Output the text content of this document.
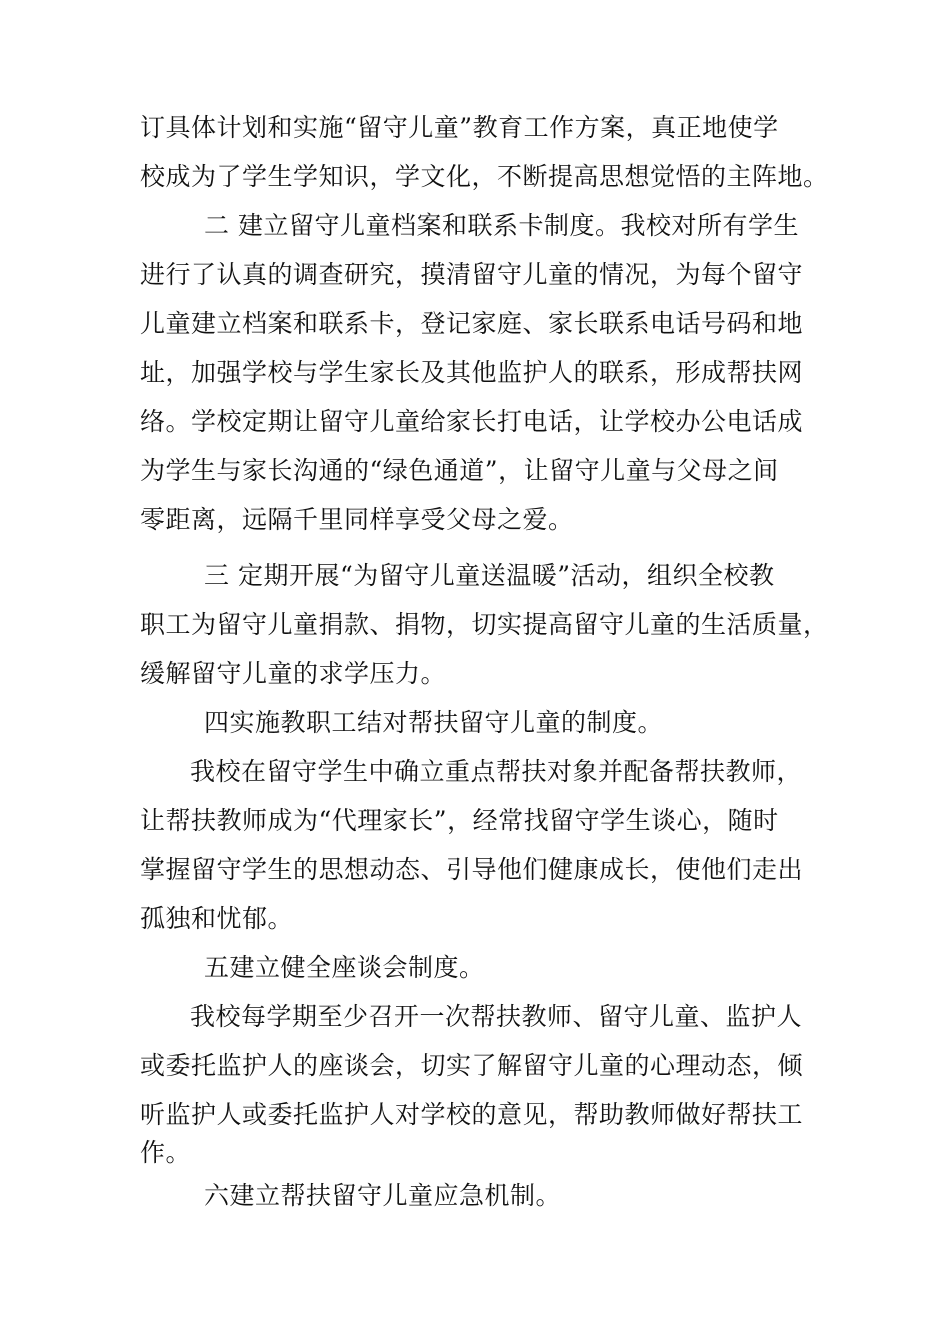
订具体计划和实施“留守儿童”教育工作方案，真正地使学
校成为了学生学知识，学文化，不断提高思想觉悟的主阵地。
二 建立留守儿童档案和联系卡制度。我校对所有学生
进行了认真的调查研究，摸清留守儿童的情况，为每个留守
儿童建立档案和联系卡，登记家庭、家长联系电话号码和地
址，加强学校与学生家长及其他监护人的联系，形成帮扶网
络。学校定期让留守儿童给家长打电话，让学校办公电话成
为学生与家长沟通的“绿色通道”，让留守儿童与父母之间
零距离，远隔千里同样享受父母之爱。
三 定期开展“为留守儿童送温暖”活动，组织全校教
职工为留守儿童捐款、捐物，切实提高留守儿童的生活质量，
缓解留守儿童的求学压力。
四实施教职工结对帮扶留守儿童的制度。
我校在留守学生中确立重点帮扶对象并配备帮扶教师，
让帮扶教师成为“代理家长”，经常找留守学生谈心，随时
掌握留守学生的思想动态、引导他们健康成长，使他们走出
孤独和忧郁。
五建立健全座谈会制度。
我校每学期至少召开一次帮扶教师、留守儿童、监护人
或委托监护人的座谈会，切实了解留守儿童的心理动态，倾
听监护人或委托监护人对学校的意见，帮助教师做好帮扶工
作。
六建立帮扶留守儿童应急机制。
